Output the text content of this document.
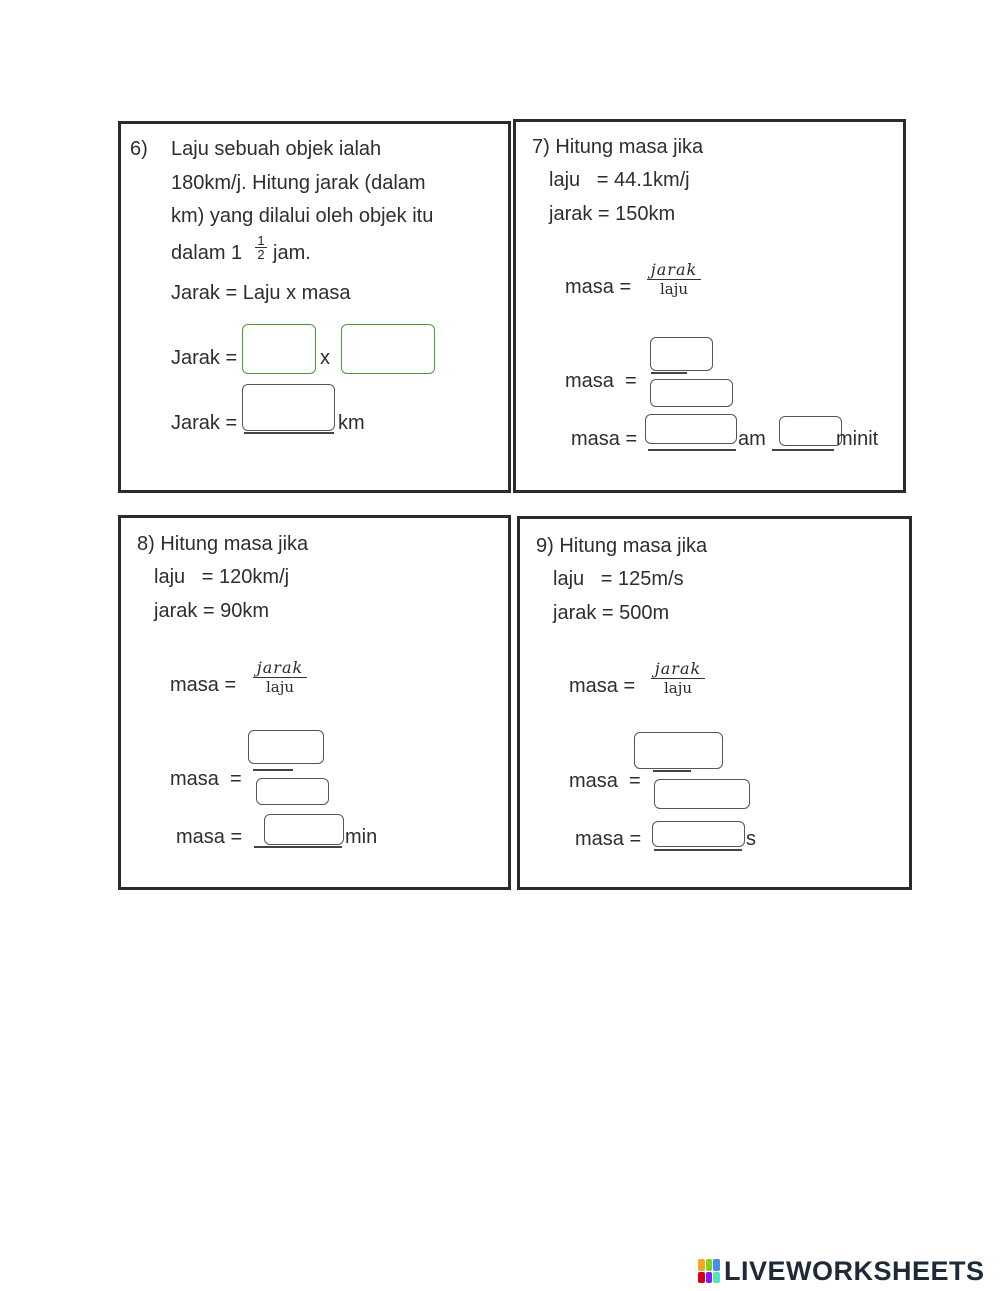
6) Laju sebuah objek ialah
180km/j. Hitung jarak (dalam
km) yang dilalui oleh objek itu
dalam $1 \frac{1}{2}$ jam.
Jarak = Laju x masa
Jarak =	x
Jarak =	km
7) Hitung masa jika
laju   = 44.1km/j
jarak = 150km
masa =
jarak
laju
masa  =
masa =	am	minit
8) Hitung masa jika
laju   = 120km/j
jarak = 90km
masa =
jarak
laju
masa  =
masa =	min
9) Hitung masa jika
laju   = 125m/s
jarak = 500m
masa =
jarak
laju
masa  =
masa =	s
LIVEWORKSHEETS
